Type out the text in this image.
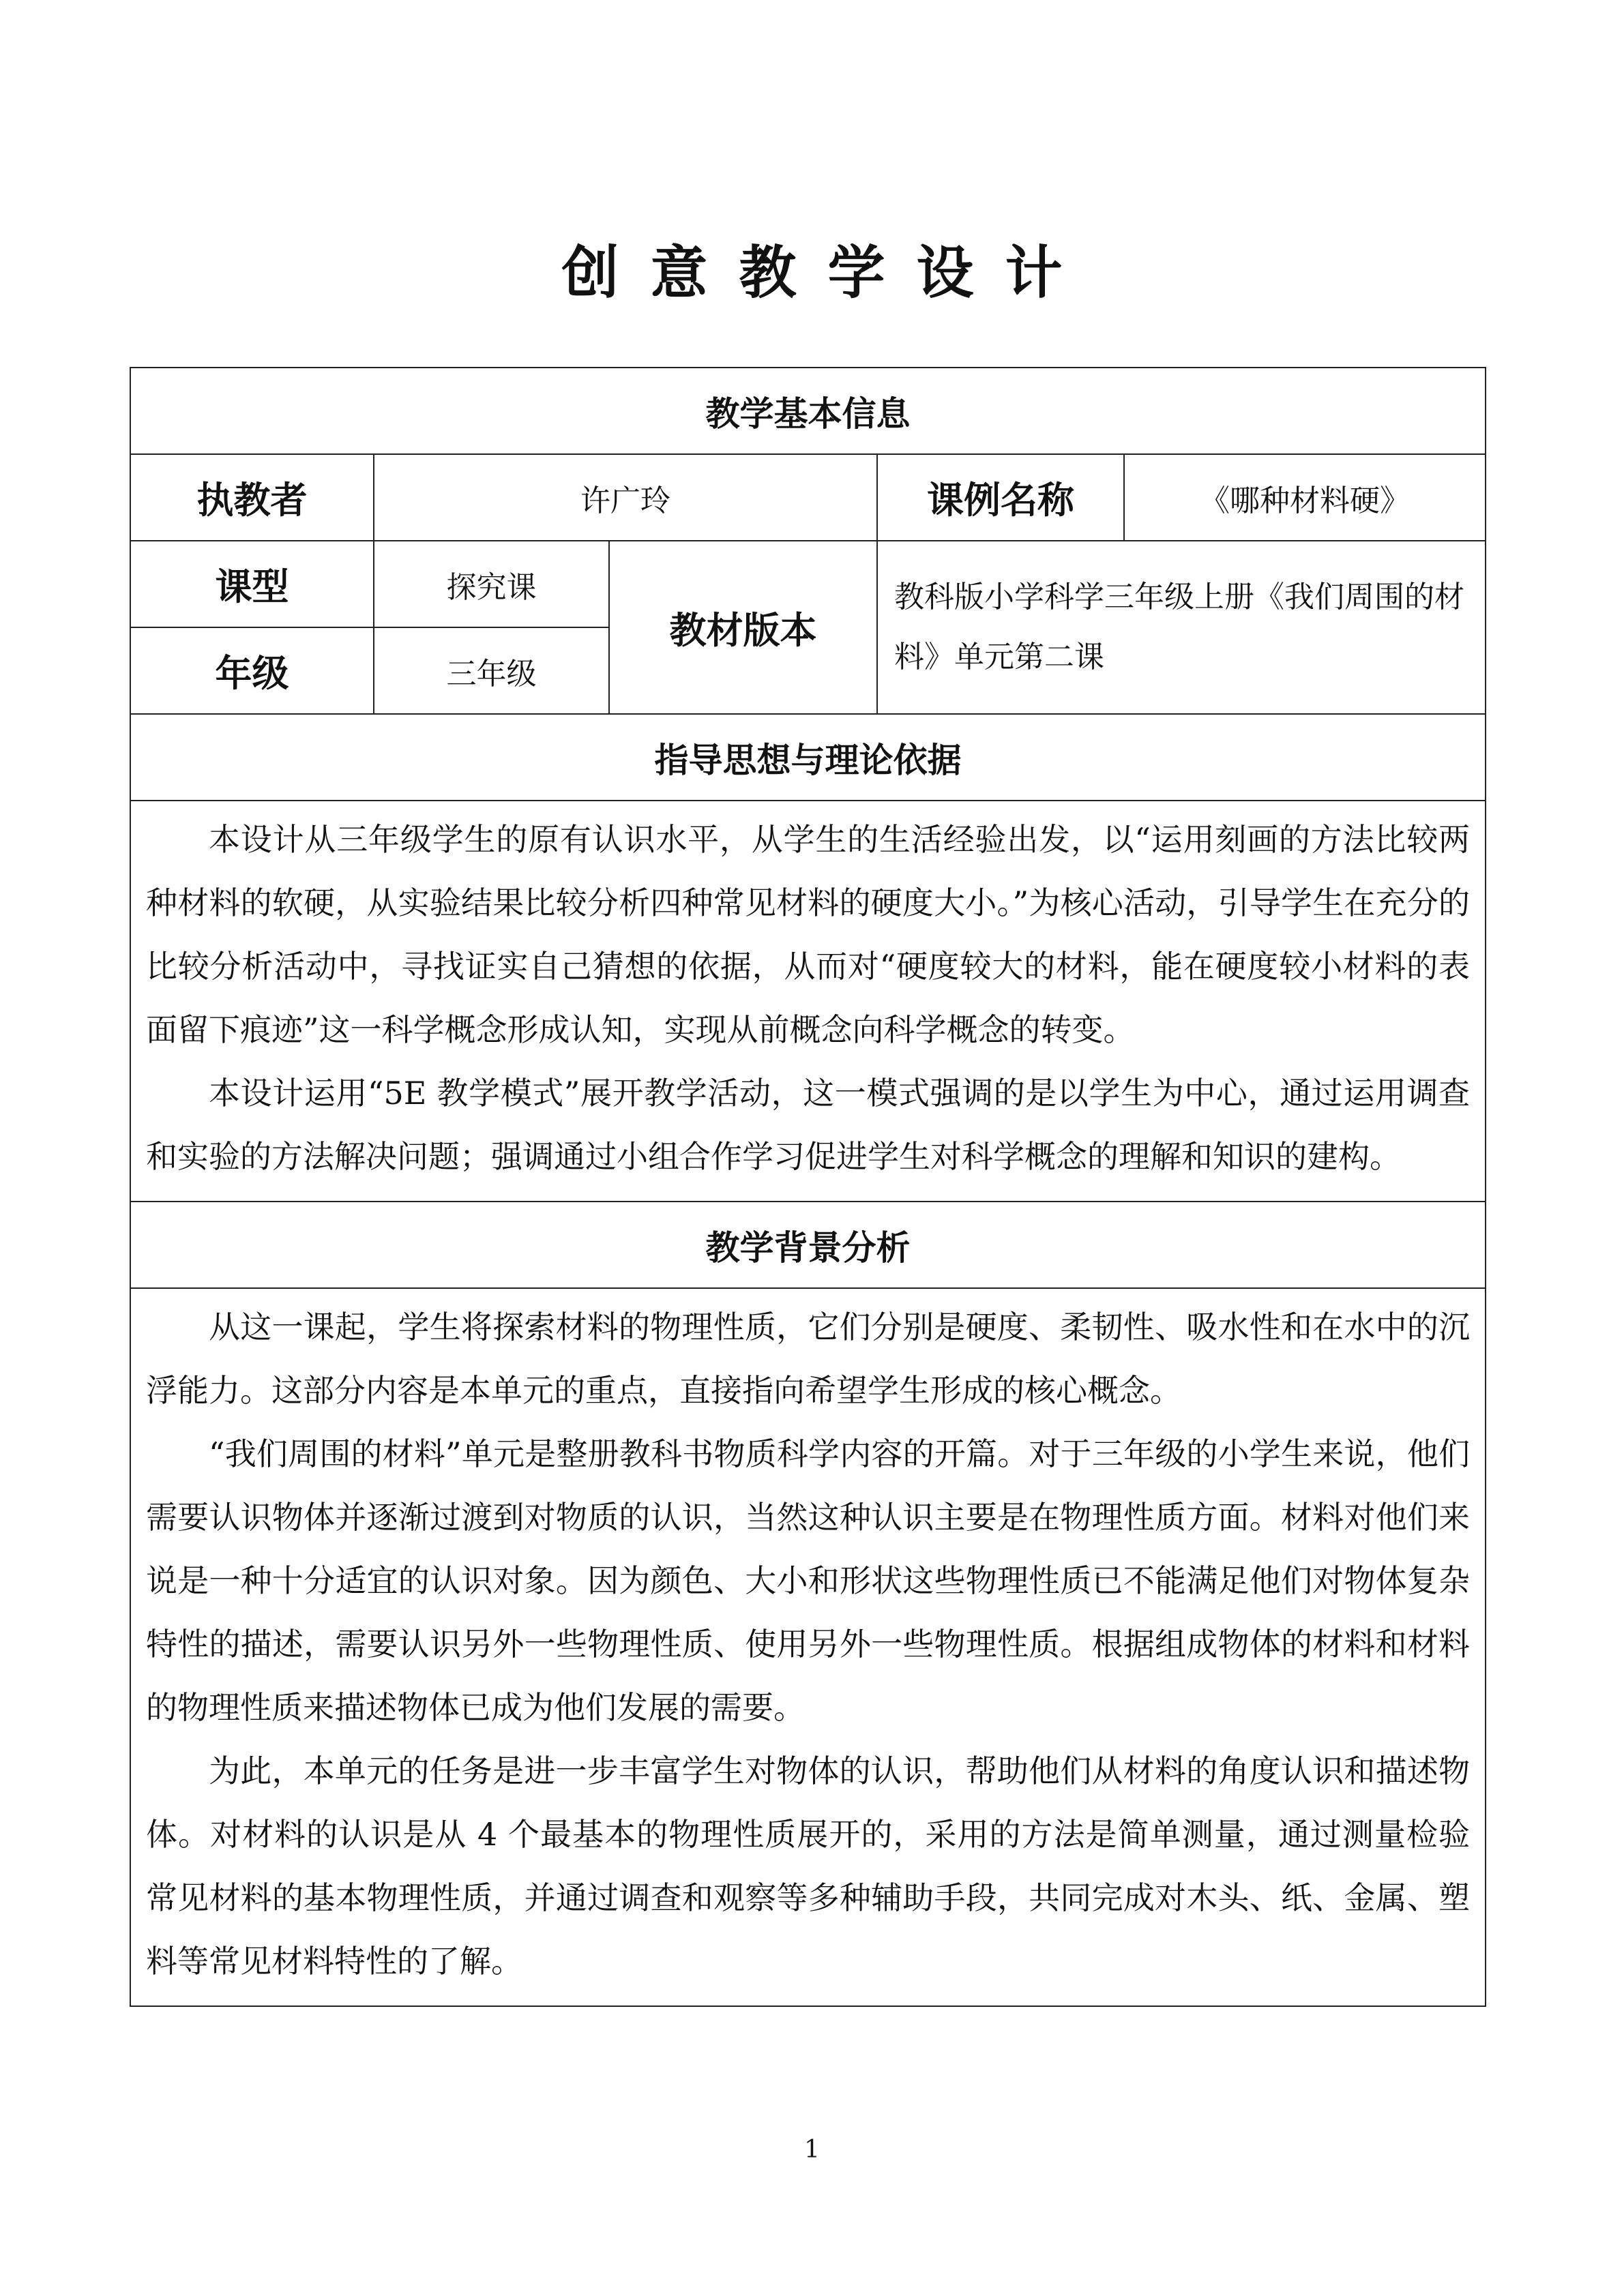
创意教学设计
教学基本信息				
执教者	许广玲		课例名称	《哪种材料硬》
课型	探究课	教材版本	教科版小学科学三年级上册《我们周围的材料》单元第二课	
年级	三年级			
指导思想与理论依据				

本设计从三年级学生的原有认识水平，从学生的生活经验出发，以“运用刻画的方法比较两种材料的软硬，从实验结果比较分析四种常见材料的硬度大小。”为核心活动，引导学生在充分的比较分析活动中，寻找证实自己猜想的依据，从而对“硬度较大的材料，能在硬度较小材料的表面留下痕迹”这一科学概念形成认知，实现从前概念向科学概念的转变。

本设计运用“5E 教学模式”展开教学活动，这一模式强调的是以学生为中心，通过运用调查和实验的方法解决问题；强调通过小组合作学习促进学生对科学概念的理解和知识的建构。				

教学背景分析				

从这一课起，学生将探索材料的物理性质，它们分别是硬度、柔韧性、吸水性和在水中的沉浮能力。这部分内容是本单元的重点，直接指向希望学生形成的核心概念。

“我们周围的材料”单元是整册教科书物质科学内容的开篇。对于三年级的小学生来说，他们需要认识物体并逐渐过渡到对物质的认识，当然这种认识主要是在物理性质方面。材料对他们来说是一种十分适宜的认识对象。因为颜色、大小和形状这些物理性质已不能满足他们对物体复杂特性的描述，需要认识另外一些物理性质、使用另外一些物理性质。根据组成物体的材料和材料的物理性质来描述物体已成为他们发展的需要。

为此，本单元的任务是进一步丰富学生对物体的认识，帮助他们从材料的角度认识和描述物体。对材料的认识是从 4 个最基本的物理性质展开的，采用的方法是简单测量，通过测量检验常见材料的基本物理性质，并通过调查和观察等多种辅助手段，共同完成对木头、纸、金属、塑料等常见材料特性的了解。				

1
